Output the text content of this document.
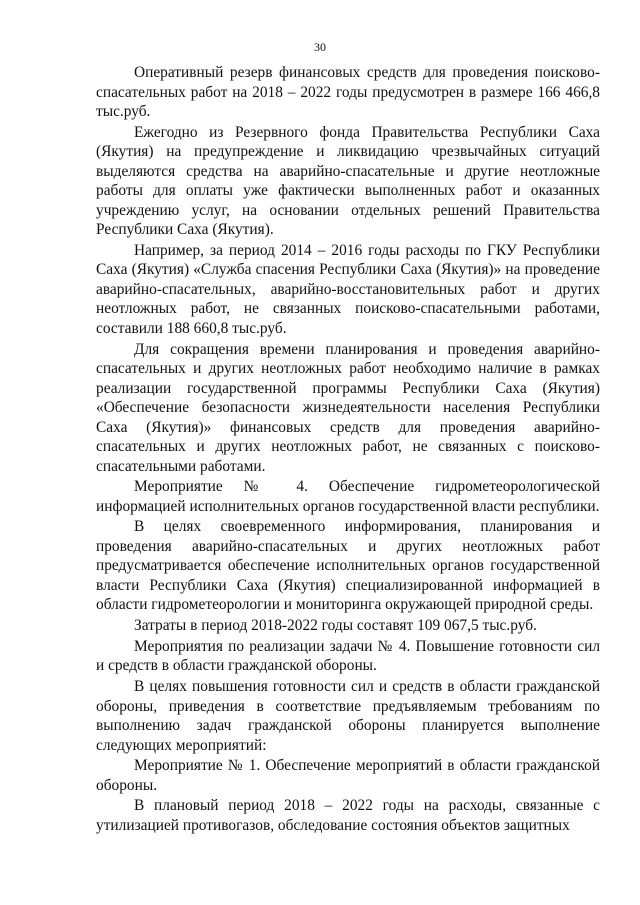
30

Оперативный резерв финансовых средств для проведения поисково-спасательных работ на 2018 – 2022 годы предусмотрен в размере 166 466,8 тыс.руб.

Ежегодно из Резервного фонда Правительства Республики Саха (Якутия) на предупреждение и ликвидацию чрезвычайных ситуаций выделяются средства на аварийно-спасательные и другие неотложные работы для оплаты уже фактически выполненных работ и оказанных учреждению услуг, на основании отдельных решений Правительства Республики Саха (Якутия).

Например, за период 2014 – 2016 годы расходы по ГКУ Республики Саха (Якутия) «Служба спасения Республики Саха (Якутия)» на проведение аварийно-спасательных, аварийно-восстановительных работ и других неотложных работ, не связанных поисково-спасательными работами, составили 188 660,8 тыс.руб.

Для сокращения времени планирования и проведения аварийно-спасательных и других неотложных работ необходимо наличие в рамках реализации государственной программы Республики Саха (Якутия) «Обеспечение безопасности жизнедеятельности населения Республики Саха (Якутия)» финансовых средств для проведения аварийно-спасательных и других неотложных работ, не связанных с поисково-спасательными работами.

Мероприятие № 4. Обеспечение гидрометеорологической информацией исполнительных органов государственной власти республики.

В целях своевременного информирования, планирования и проведения аварийно-спасательных и других неотложных работ предусматривается обеспечение исполнительных органов государственной власти Республики Саха (Якутия) специализированной информацией в области гидрометеорологии и мониторинга окружающей природной среды.

Затраты в период 2018-2022 годы составят 109 067,5 тыс.руб.

Мероприятия по реализации задачи № 4. Повышение готовности сил и средств в области гражданской обороны.

В целях повышения готовности сил и средств в области гражданской обороны, приведения в соответствие предъявляемым требованиям по выполнению задач гражданской обороны планируется выполнение следующих мероприятий:

Мероприятие № 1. Обеспечение мероприятий в области гражданской обороны.

В плановый период 2018 – 2022 годы на расходы, связанные с утилизацией противогазов, обследование состояния объектов защитных
